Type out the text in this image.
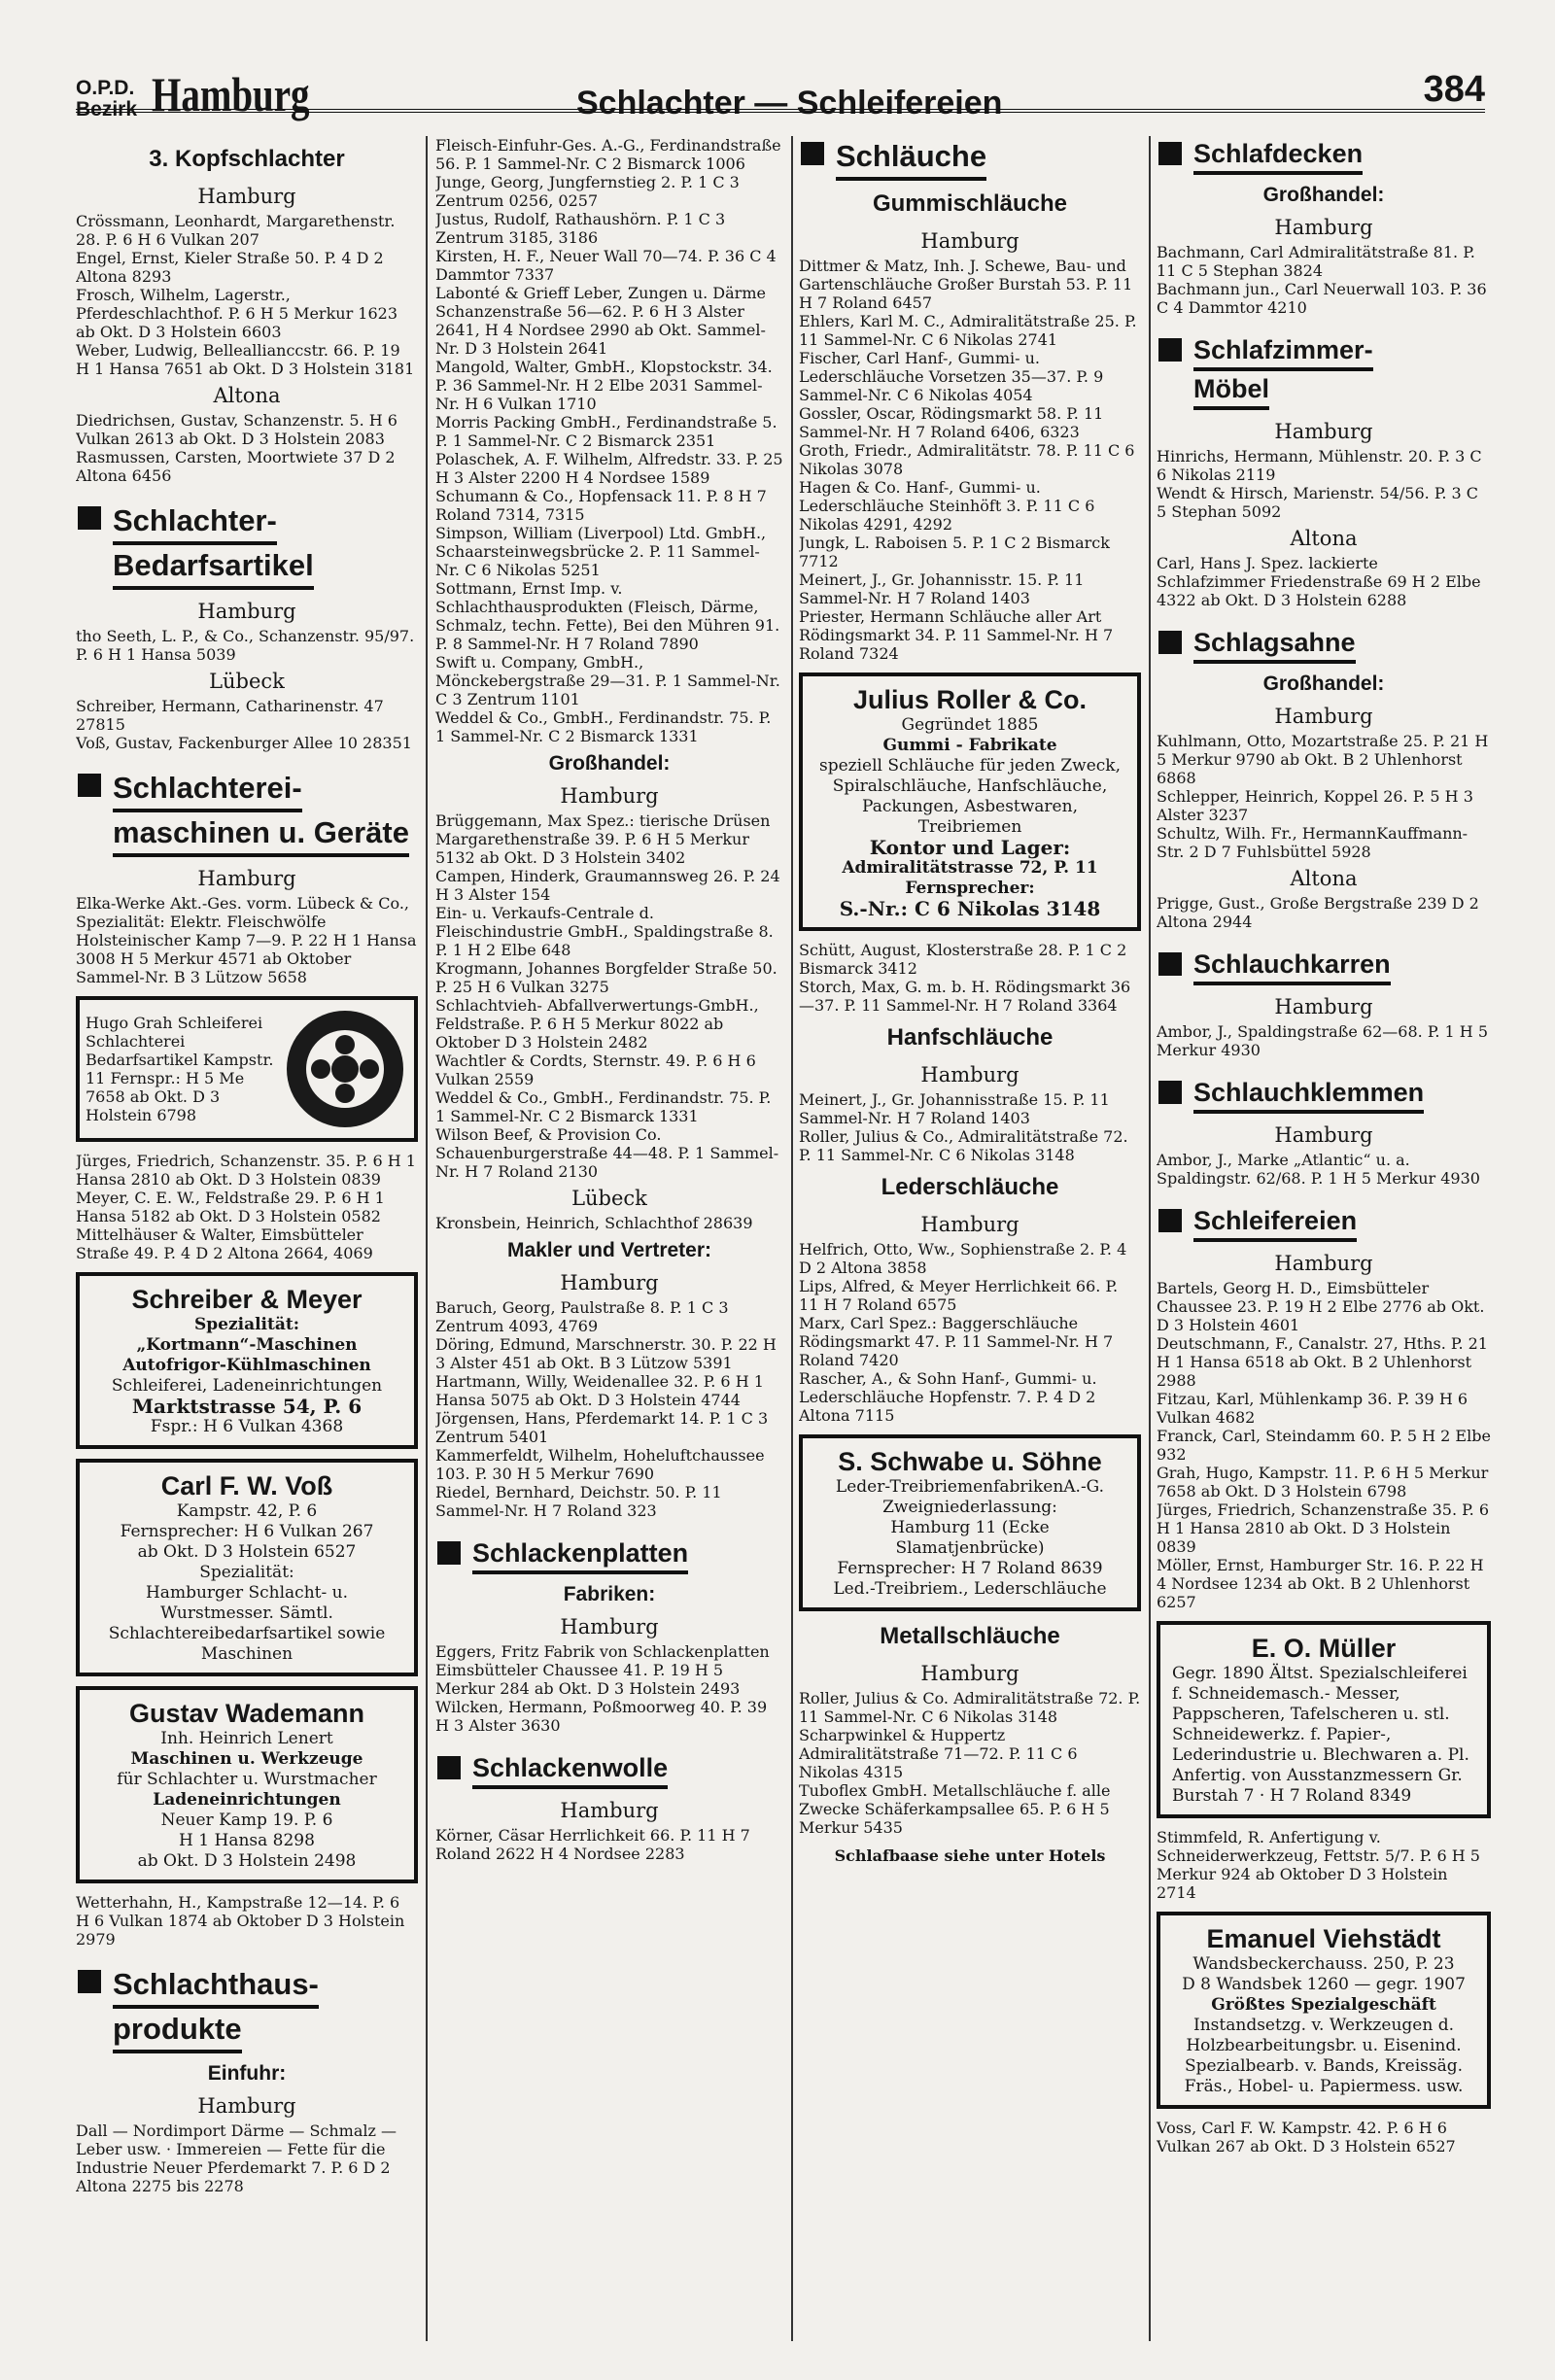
O.P.D.
Bezirk Hamburg	Schlachter — Schleifereien	384
3. Kopfschlachter
Hamburg
Crössmann, Leonhardt, Margarethenstr. 28. P. 6 H 6 Vulkan 207
Engel, Ernst, Kieler Straße 50. P. 4 D 2 Altona 8293
Frosch, Wilhelm, Lagerstr., Pferdeschlachthof. P. 6 H 5 Merkur 1623 ab Okt. D 3 Holstein 6603
Weber, Ludwig, Belleallianccstr. 66. P. 19 H 1 Hansa 7651 ab Okt. D 3 Holstein 3181
Altona
Diedrichsen, Gustav, Schanzenstr. 5. H 6 Vulkan 2613 ab Okt. D 3 Holstein 2083
Rasmussen, Carsten, Moortwiete 37 D 2 Altona 6456
Schlachter-
Bedarfsartikel
Hamburg
tho Seeth, L. P., & Co., Schanzenstr. 95/97. P. 6 H 1 Hansa 5039
Lübeck
Schreiber, Hermann, Catharinenstr. 47 27815
Voß, Gustav, Fackenburger Allee 10 28351
Schlachterei-
maschinen u. Geräte
Hamburg
Elka-Werke Akt.-Ges. vorm. Lübeck & Co., Spezialität: Elektr. Fleischwölfe Holsteinischer Kamp 7—9. P. 22 H 1 Hansa 3008 H 5 Merkur 4571 ab Oktober Sammel-Nr. B 3 Lützow 5658
Hugo Grah Schleiferei Schlachterei Bedarfsartikel Kampstr. 11 Fernspr.: H 5 Me 7658 ab Okt. D 3 Holstein 6798
Jürges, Friedrich, Schanzenstr. 35. P. 6 H 1 Hansa 2810 ab Okt. D 3 Holstein 0839
Meyer, C. E. W., Feldstraße 29. P. 6 H 1 Hansa 5182 ab Okt. D 3 Holstein 0582
Mittelhäuser & Walter, Eimsbütteler Straße 49. P. 4 D 2 Altona 2664, 4069
Schreiber & Meyer
Spezialität:
„Kortmann“-Maschinen
Autofrigor-Kühlmaschinen
Schleiferei, Ladeneinrichtungen
Marktstrasse 54, P. 6
Fspr.: H 6 Vulkan 4368
Carl F. W. Voß
Kampstr. 42, P. 6
Fernsprecher: H 6 Vulkan 267
ab Okt. D 3 Holstein 6527
Spezialität:
Hamburger Schlacht- u. Wurstmesser. Sämtl. Schlachtereibedarfsartikel sowie Maschinen
Gustav Wademann
Inh. Heinrich Lenert
Maschinen u. Werkzeuge
für Schlachter u. Wurstmacher
Ladeneinrichtungen
Neuer Kamp 19. P. 6
H 1 Hansa 8298
ab Okt. D 3 Holstein 2498
Wetterhahn, H., Kampstraße 12—14. P. 6 H 6 Vulkan 1874 ab Oktober D 3 Holstein 2979
Schlachthaus-
produkte
Einfuhr:
Hamburg
Dall — Nordimport Därme — Schmalz — Leber usw. · Immereien — Fette für die Industrie Neuer Pferdemarkt 7. P. 6 D 2 Altona 2275 bis 2278
Fleisch-Einfuhr-Ges. A.-G., Ferdinandstraße 56. P. 1 Sammel-Nr. C 2 Bismarck 1006
Junge, Georg, Jungfernstieg 2. P. 1 C 3 Zentrum 0256, 0257
Justus, Rudolf, Rathaushörn. P. 1 C 3 Zentrum 3185, 3186
Kirsten, H. F., Neuer Wall 70—74. P. 36 C 4 Dammtor 7337
Labonté & Grieff Leber, Zungen u. Därme Schanzenstraße 56—62. P. 6 H 3 Alster 2641, H 4 Nordsee 2990 ab Okt. Sammel-Nr. D 3 Holstein 2641
Mangold, Walter, GmbH., Klopstockstr. 34. P. 36 Sammel-Nr. H 2 Elbe 2031 Sammel-Nr. H 6 Vulkan 1710
Morris Packing GmbH., Ferdinandstraße 5. P. 1 Sammel-Nr. C 2 Bismarck 2351
Polaschek, A. F. Wilhelm, Alfredstr. 33. P. 25 H 3 Alster 2200 H 4 Nordsee 1589
Schumann & Co., Hopfensack 11. P. 8 H 7 Roland 7314, 7315
Simpson, William (Liverpool) Ltd. GmbH., Schaarsteinwegsbrücke 2. P. 11 Sammel-Nr. C 6 Nikolas 5251
Sottmann, Ernst Imp. v. Schlachthausprodukten (Fleisch, Därme, Schmalz, techn. Fette), Bei den Mühren 91. P. 8 Sammel-Nr. H 7 Roland 7890
Swift u. Company, GmbH., Mönckebergstraße 29—31. P. 1 Sammel-Nr. C 3 Zentrum 1101
Weddel & Co., GmbH., Ferdinandstr. 75. P. 1 Sammel-Nr. C 2 Bismarck 1331
Großhandel:
Hamburg
Brüggemann, Max Spez.: tierische Drüsen Margarethenstraße 39. P. 6 H 5 Merkur 5132 ab Okt. D 3 Holstein 3402
Campen, Hinderk, Graumannsweg 26. P. 24 H 3 Alster 154
Ein- u. Verkaufs-Centrale d. Fleischindustrie GmbH., Spaldingstraße 8. P. 1 H 2 Elbe 648
Krogmann, Johannes Borgfelder Straße 50. P. 25 H 6 Vulkan 3275
Schlachtvieh- Abfallverwertungs-GmbH., Feldstraße. P. 6 H 5 Merkur 8022 ab Oktober D 3 Holstein 2482
Wachtler & Cordts, Sternstr. 49. P. 6 H 6 Vulkan 2559
Weddel & Co., GmbH., Ferdinandstr. 75. P. 1 Sammel-Nr. C 2 Bismarck 1331
Wilson Beef, & Provision Co. Schauenburgerstraße 44—48. P. 1 Sammel-Nr. H 7 Roland 2130
Lübeck
Kronsbein, Heinrich, Schlachthof 28639
Makler und Vertreter:
Hamburg
Baruch, Georg, Paulstraße 8. P. 1 C 3 Zentrum 4093, 4769
Döring, Edmund, Marschnerstr. 30. P. 22 H 3 Alster 451 ab Okt. B 3 Lützow 5391
Hartmann, Willy, Weidenallee 32. P. 6 H 1 Hansa 5075 ab Okt. D 3 Holstein 4744
Jörgensen, Hans, Pferdemarkt 14. P. 1 C 3 Zentrum 5401
Kammerfeldt, Wilhelm, Hoheluftchaussee 103. P. 30 H 5 Merkur 7690
Riedel, Bernhard, Deichstr. 50. P. 11 Sammel-Nr. H 7 Roland 323
Schlackenplatten
Fabriken:
Hamburg
Eggers, Fritz Fabrik von Schlackenplatten Eimsbütteler Chaussee 41. P. 19 H 5 Merkur 284 ab Okt. D 3 Holstein 2493
Wilcken, Hermann, Poßmoorweg 40. P. 39 H 3 Alster 3630
Schlackenwolle
Hamburg
Körner, Cäsar Herrlichkeit 66. P. 11 H 7 Roland 2622 H 4 Nordsee 2283
Schläuche
Gummischläuche
Hamburg
Dittmer & Matz, Inh. J. Schewe, Bau- und Gartenschläuche Großer Burstah 53. P. 11 H 7 Roland 6457
Ehlers, Karl M. C., Admiralitätstraße 25. P. 11 Sammel-Nr. C 6 Nikolas 2741
Fischer, Carl Hanf-, Gummi- u. Lederschläuche Vorsetzen 35—37. P. 9 Sammel-Nr. C 6 Nikolas 4054
Gossler, Oscar, Rödingsmarkt 58. P. 11 Sammel-Nr. H 7 Roland 6406, 6323
Groth, Friedr., Admiralitätstr. 78. P. 11 C 6 Nikolas 3078
Hagen & Co. Hanf-, Gummi- u. Lederschläuche Steinhöft 3. P. 11 C 6 Nikolas 4291, 4292
Jungk, L. Raboisen 5. P. 1 C 2 Bismarck 7712
Meinert, J., Gr. Johannisstr. 15. P. 11 Sammel-Nr. H 7 Roland 1403
Priester, Hermann Schläuche aller Art Rödingsmarkt 34. P. 11 Sammel-Nr. H 7 Roland 7324
Julius Roller & Co.
Gegründet 1885
Gummi - Fabrikate
speziell Schläuche für jeden Zweck, Spiralschläuche, Hanfschläuche, Packungen, Asbestwaren, Treibriemen
Kontor und Lager:
Admiralitätstrasse 72, P. 11
Fernsprecher:
S.-Nr.: C 6 Nikolas 3148
Schütt, August, Klosterstraße 28. P. 1 C 2 Bismarck 3412
Storch, Max, G. m. b. H. Rödingsmarkt 36—37. P. 11 Sammel-Nr. H 7 Roland 3364
Hanfschläuche
Hamburg
Meinert, J., Gr. Johannisstraße 15. P. 11 Sammel-Nr. H 7 Roland 1403
Roller, Julius & Co., Admiralitätstraße 72. P. 11 Sammel-Nr. C 6 Nikolas 3148
Lederschläuche
Hamburg
Helfrich, Otto, Ww., Sophienstraße 2. P. 4 D 2 Altona 3858
Lips, Alfred, & Meyer Herrlichkeit 66. P. 11 H 7 Roland 6575
Marx, Carl Spez.: Baggerschläuche Rödingsmarkt 47. P. 11 Sammel-Nr. H 7 Roland 7420
Rascher, A., & Sohn Hanf-, Gummi- u. Lederschläuche Hopfenstr. 7. P. 4 D 2 Altona 7115
S. Schwabe u. Söhne
Leder-TreibriemenfabrikenA.-G.
Zweigniederlassung:
Hamburg 11 (Ecke Slamatjenbrücke)
Fernsprecher: H 7 Roland 8639
Led.-Treibriem., Lederschläuche
Metallschläuche
Hamburg
Roller, Julius & Co. Admiralitätstraße 72. P. 11 Sammel-Nr. C 6 Nikolas 3148
Scharpwinkel & Huppertz Admiralitätstraße 71—72. P. 11 C 6 Nikolas 4315
Tuboflex GmbH. Metallschläuche f. alle Zwecke Schäferkampsallee 65. P. 6 H 5 Merkur 5435
Schlafbaase siehe unter Hotels
Schlafdecken
Großhandel:
Hamburg
Bachmann, Carl Admiralitätstraße 81. P. 11 C 5 Stephan 3824
Bachmann jun., Carl Neuerwall 103. P. 36 C 4 Dammtor 4210
Schlafzimmer-
Möbel
Hamburg
Hinrichs, Hermann, Mühlenstr. 20. P. 3 C 6 Nikolas 2119
Wendt & Hirsch, Marienstr. 54/56. P. 3 C 5 Stephan 5092
Altona
Carl, Hans J. Spez. lackierte Schlafzimmer Friedenstraße 69 H 2 Elbe 4322 ab Okt. D 3 Holstein 6288
Schlagsahne
Großhandel:
Hamburg
Kuhlmann, Otto, Mozartstraße 25. P. 21 H 5 Merkur 9790 ab Okt. B 2 Uhlenhorst 6868
Schlepper, Heinrich, Koppel 26. P. 5 H 3 Alster 3237
Schultz, Wilh. Fr., HermannKauffmann-Str. 2 D 7 Fuhlsbüttel 5928
Altona
Prigge, Gust., Große Bergstraße 239 D 2 Altona 2944
Schlauchkarren
Hamburg
Ambor, J., Spaldingstraße 62—68. P. 1 H 5 Merkur 4930
Schlauchklemmen
Hamburg
Ambor, J., Marke „Atlantic“ u. a. Spaldingstr. 62/68. P. 1 H 5 Merkur 4930
Schleifereien
Hamburg
Bartels, Georg H. D., Eimsbütteler Chaussee 23. P. 19 H 2 Elbe 2776 ab Okt. D 3 Holstein 4601
Deutschmann, F., Canalstr. 27, Hths. P. 21 H 1 Hansa 6518 ab Okt. B 2 Uhlenhorst 2988
Fitzau, Karl, Mühlenkamp 36. P. 39 H 6 Vulkan 4682
Franck, Carl, Steindamm 60. P. 5 H 2 Elbe 932
Grah, Hugo, Kampstr. 11. P. 6 H 5 Merkur 7658 ab Okt. D 3 Holstein 6798
Jürges, Friedrich, Schanzenstraße 35. P. 6 H 1 Hansa 2810 ab Okt. D 3 Holstein 0839
Möller, Ernst, Hamburger Str. 16. P. 22 H 4 Nordsee 1234 ab Okt. B 2 Uhlenhorst 6257
E. O. Müller
Gegr. 1890 Ältst. Spezialschleiferei f. Schneidemasch.- Messer, Pappscheren, Tafelscheren u. stl. Schneidewerkz. f. Papier-, Lederindustrie u. Blechwaren a. Pl. Anfertig. von Ausstanzmessern Gr. Burstah 7 · H 7 Roland 8349
Stimmfeld, R. Anfertigung v. Schneiderwerkzeug, Fettstr. 5/7. P. 6 H 5 Merkur 924 ab Oktober D 3 Holstein 2714
Emanuel Viehstädt
Wandsbeckerchauss. 250, P. 23
D 8 Wandsbek 1260 — gegr. 1907
Größtes Spezialgeschäft
Instandsetzg. v. Werkzeugen d. Holzbearbeitungsbr. u. Eisenind. Spezialbearb. v. Bands, Kreissäg. Fräs., Hobel- u. Papiermess. usw.
Voss, Carl F. W. Kampstr. 42. P. 6 H 6 Vulkan 267 ab Okt. D 3 Holstein 6527
